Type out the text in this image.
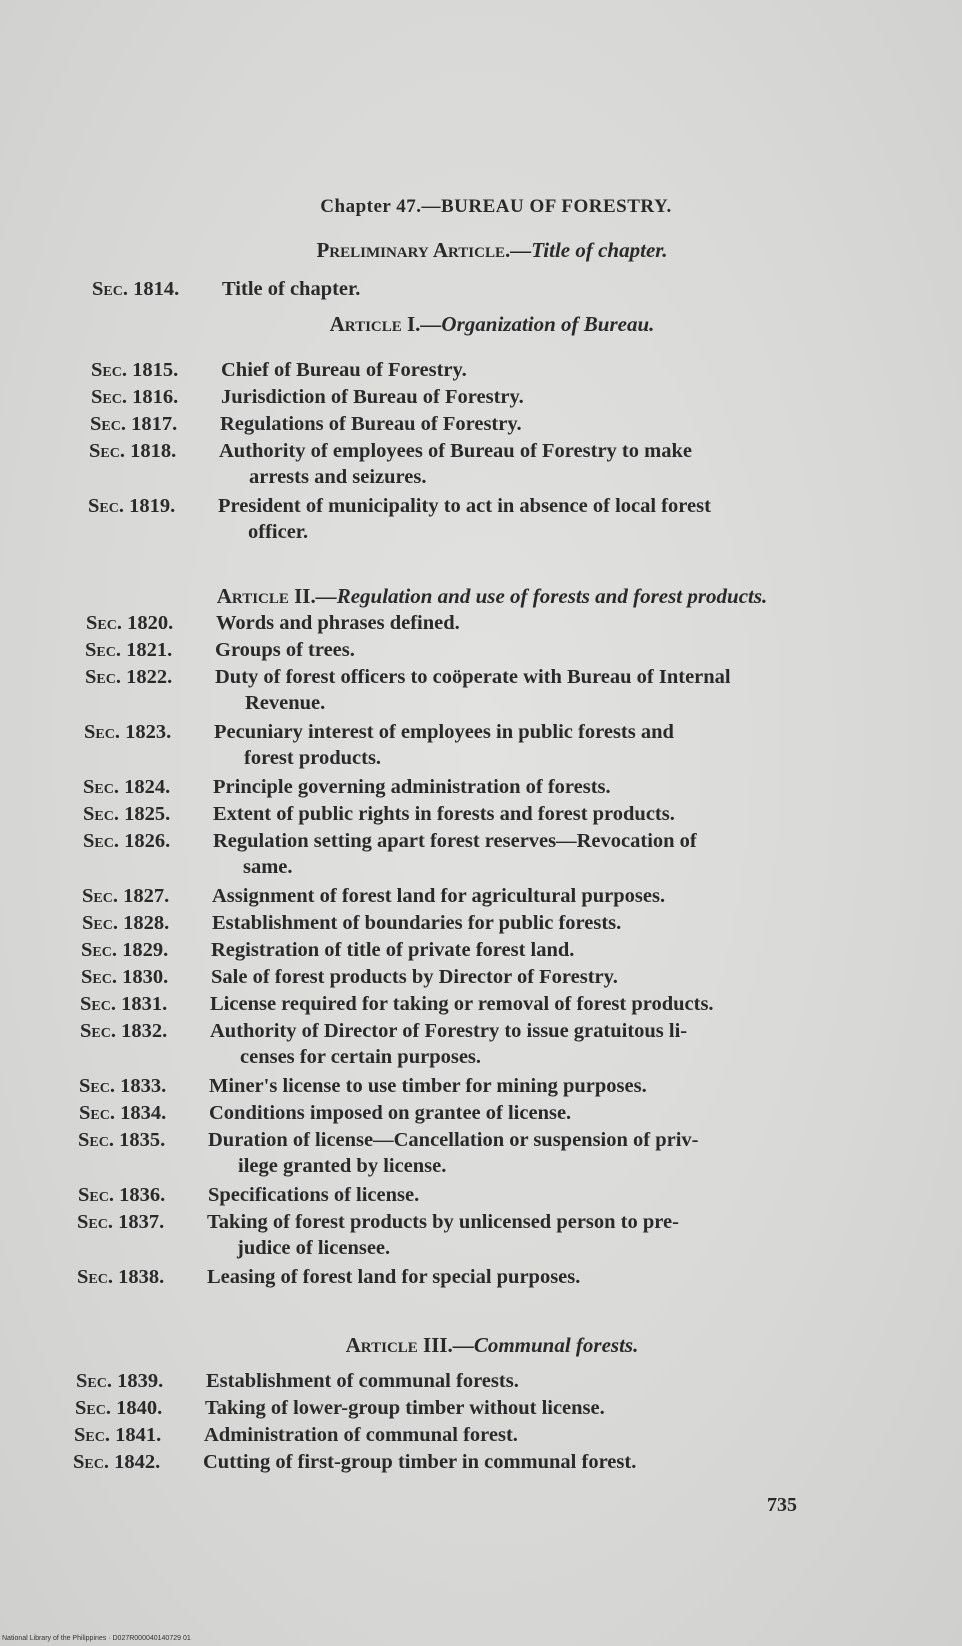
Chapter 47.—BUREAU OF FORESTRY.
Preliminary Article.—Title of chapter.
Article I.—Organization of Bureau.
Article II.—Regulation and use of forests and forest products.
Article III.—Communal forests.
Sec. 1814. Title of chapter.
Sec. 1815. Chief of Bureau of Forestry.
Sec. 1816. Jurisdiction of Bureau of Forestry.
Sec. 1817. Regulations of Bureau of Forestry.
Sec. 1818. Authority of employees of Bureau of Forestry to make
arrests and seizures.
Sec. 1819. President of municipality to act in absence of local forest
officer.
Sec. 1820. Words and phrases defined.
Sec. 1821. Groups of trees.
Sec. 1822. Duty of forest officers to coöperate with Bureau of Internal
Revenue.
Sec. 1823. Pecuniary interest of employees in public forests and
forest products.
Sec. 1824. Principle governing administration of forests.
Sec. 1825. Extent of public rights in forests and forest products.
Sec. 1826. Regulation setting apart forest reserves—Revocation of
same.
Sec. 1827. Assignment of forest land for agricultural purposes.
Sec. 1828. Establishment of boundaries for public forests.
Sec. 1829. Registration of title of private forest land.
Sec. 1830. Sale of forest products by Director of Forestry.
Sec. 1831. License required for taking or removal of forest products.
Sec. 1832. Authority of Director of Forestry to issue gratuitous li-
censes for certain purposes.
Sec. 1833. Miner's license to use timber for mining purposes.
Sec. 1834. Conditions imposed on grantee of license.
Sec. 1835. Duration of license—Cancellation or suspension of priv-
ilege granted by license.
Sec. 1836. Specifications of license.
Sec. 1837. Taking of forest products by unlicensed person to pre-
judice of licensee.
Sec. 1838. Leasing of forest land for special purposes.
Sec. 1839. Establishment of communal forests.
Sec. 1840. Taking of lower-group timber without license.
Sec. 1841. Administration of communal forest.
Sec. 1842. Cutting of first-group timber in communal forest.
735
National Library of the Philippines · D027R000040140729 01
